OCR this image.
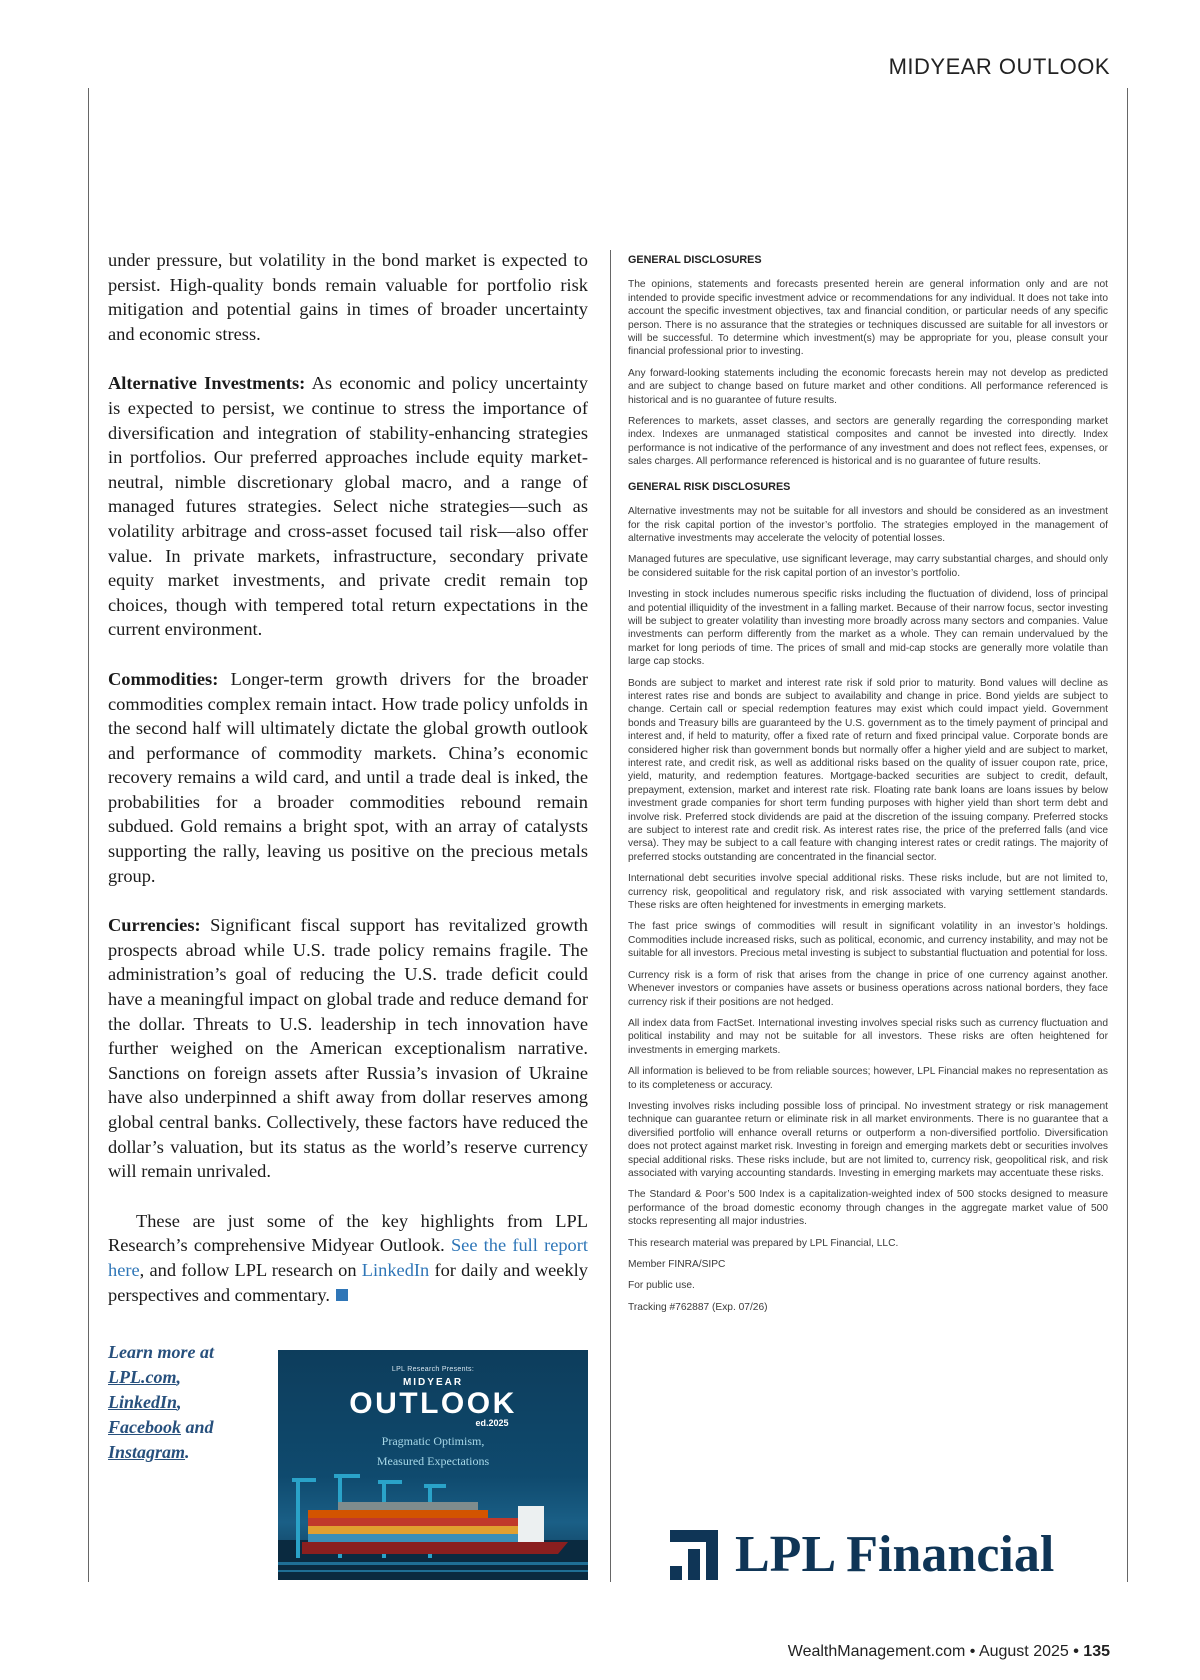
MIDYEAR OUTLOOK

under pressure, but volatility in the bond market is expected to persist. High-quality bonds remain valuable for portfolio risk mitigation and potential gains in times of broader uncertainty and economic stress.

Alternative Investments: As economic and policy uncertainty is expected to persist, we continue to stress the importance of diversification and integration of stability-enhancing strategies in portfolios. Our preferred approaches include equity market-neutral, nimble discretionary global macro, and a range of managed futures strategies. Select niche strategies—such as volatility arbitrage and cross-asset focused tail risk—also offer value. In private markets, infrastructure, secondary private equity market investments, and private credit remain top choices, though with tempered total return expectations in the current environment.

Commodities: Longer-term growth drivers for the broader commodities complex remain intact. How trade policy unfolds in the second half will ultimately dictate the global growth outlook and performance of commodity markets. China’s economic recovery remains a wild card, and until a trade deal is inked, the probabilities for a broader commodities rebound remain subdued. Gold remains a bright spot, with an array of catalysts supporting the rally, leaving us positive on the precious metals group.

Currencies: Significant fiscal support has revitalized growth prospects abroad while U.S. trade policy remains fragile. The administration’s goal of reducing the U.S. trade deficit could have a meaningful impact on global trade and reduce demand for the dollar. Threats to U.S. leadership in tech innovation have further weighed on the American exceptionalism narrative. Sanctions on foreign assets after Russia’s invasion of Ukraine have also underpinned a shift away from dollar reserves among global central banks. Collectively, these factors have reduced the dollar’s valuation, but its status as the world’s reserve currency will remain unrivaled.

These are just some of the key highlights from LPL Research’s comprehensive Midyear Outlook. See the full report here, and follow LPL research on LinkedIn for daily and weekly perspectives and commentary.

Learn more at
LPL.com,
LinkedIn,
Facebook and
Instagram.
LPL Research Presents:
MIDYEAR
OUTLOOK
ed.2025
Pragmatic Optimism,
Measured Expectations
GENERAL DISCLOSURES

The opinions, statements and forecasts presented herein are general information only and are not intended to provide specific investment advice or recommendations for any individual. It does not take into account the specific investment objectives, tax and financial condition, or particular needs of any specific person. There is no assurance that the strategies or techniques discussed are suitable for all investors or will be successful. To determine which investment(s) may be appropriate for you, please consult your financial professional prior to investing.

Any forward-looking statements including the economic forecasts herein may not develop as predicted and are subject to change based on future market and other conditions. All performance referenced is historical and is no guarantee of future results.

References to markets, asset classes, and sectors are generally regarding the corresponding market index. Indexes are unmanaged statistical composites and cannot be invested into directly. Index performance is not indicative of the performance of any investment and does not reflect fees, expenses, or sales charges. All performance referenced is historical and is no guarantee of future results.

GENERAL RISK DISCLOSURES

Alternative investments may not be suitable for all investors and should be considered as an investment for the risk capital portion of the investor’s portfolio. The strategies employed in the management of alternative investments may accelerate the velocity of potential losses.

Managed futures are speculative, use significant leverage, may carry substantial charges, and should only be considered suitable for the risk capital portion of an investor’s portfolio.

Investing in stock includes numerous specific risks including the fluctuation of dividend, loss of principal and potential illiquidity of the investment in a falling market. Because of their narrow focus, sector investing will be subject to greater volatility than investing more broadly across many sectors and companies. Value investments can perform differently from the market as a whole. They can remain undervalued by the market for long periods of time. The prices of small and mid-cap stocks are generally more volatile than large cap stocks.

Bonds are subject to market and interest rate risk if sold prior to maturity. Bond values will decline as interest rates rise and bonds are subject to availability and change in price. Bond yields are subject to change. Certain call or special redemption features may exist which could impact yield. Government bonds and Treasury bills are guaranteed by the U.S. government as to the timely payment of principal and interest and, if held to maturity, offer a fixed rate of return and fixed principal value. Corporate bonds are considered higher risk than government bonds but normally offer a higher yield and are subject to market, interest rate, and credit risk, as well as additional risks based on the quality of issuer coupon rate, price, yield, maturity, and redemption features. Mortgage-backed securities are subject to credit, default, prepayment, extension, market and interest rate risk. Floating rate bank loans are loans issues by below investment grade companies for short term funding purposes with higher yield than short term debt and involve risk. Preferred stock dividends are paid at the discretion of the issuing company. Preferred stocks are subject to interest rate and credit risk. As interest rates rise, the price of the preferred falls (and vice versa). They may be subject to a call feature with changing interest rates or credit ratings. The majority of preferred stocks outstanding are concentrated in the financial sector.

International debt securities involve special additional risks. These risks include, but are not limited to, currency risk, geopolitical and regulatory risk, and risk associated with varying settlement standards. These risks are often heightened for investments in emerging markets.

The fast price swings of commodities will result in significant volatility in an investor’s holdings. Commodities include increased risks, such as political, economic, and currency instability, and may not be suitable for all investors. Precious metal investing is subject to substantial fluctuation and potential for loss.

Currency risk is a form of risk that arises from the change in price of one currency against another. Whenever investors or companies have assets or business operations across national borders, they face currency risk if their positions are not hedged.

All index data from FactSet. International investing involves special risks such as currency fluctuation and political instability and may not be suitable for all investors. These risks are often heightened for investments in emerging markets.

All information is believed to be from reliable sources; however, LPL Financial makes no representation as to its completeness or accuracy.

Investing involves risks including possible loss of principal. No investment strategy or risk management technique can guarantee return or eliminate risk in all market environments. There is no guarantee that a diversified portfolio will enhance overall returns or outperform a non-diversified portfolio. Diversification does not protect against market risk. Investing in foreign and emerging markets debt or securities involves special additional risks. These risks include, but are not limited to, currency risk, geopolitical risk, and risk associated with varying accounting standards. Investing in emerging markets may accentuate these risks.

The Standard & Poor’s 500 Index is a capitalization-weighted index of 500 stocks designed to measure performance of the broad domestic economy through changes in the aggregate market value of 500 stocks representing all major industries.

This research material was prepared by LPL Financial, LLC.

Member FINRA/SIPC

For public use.

Tracking #762887 (Exp. 07/26)

LPL Financial
WealthManagement.com • August 2025 • 135
